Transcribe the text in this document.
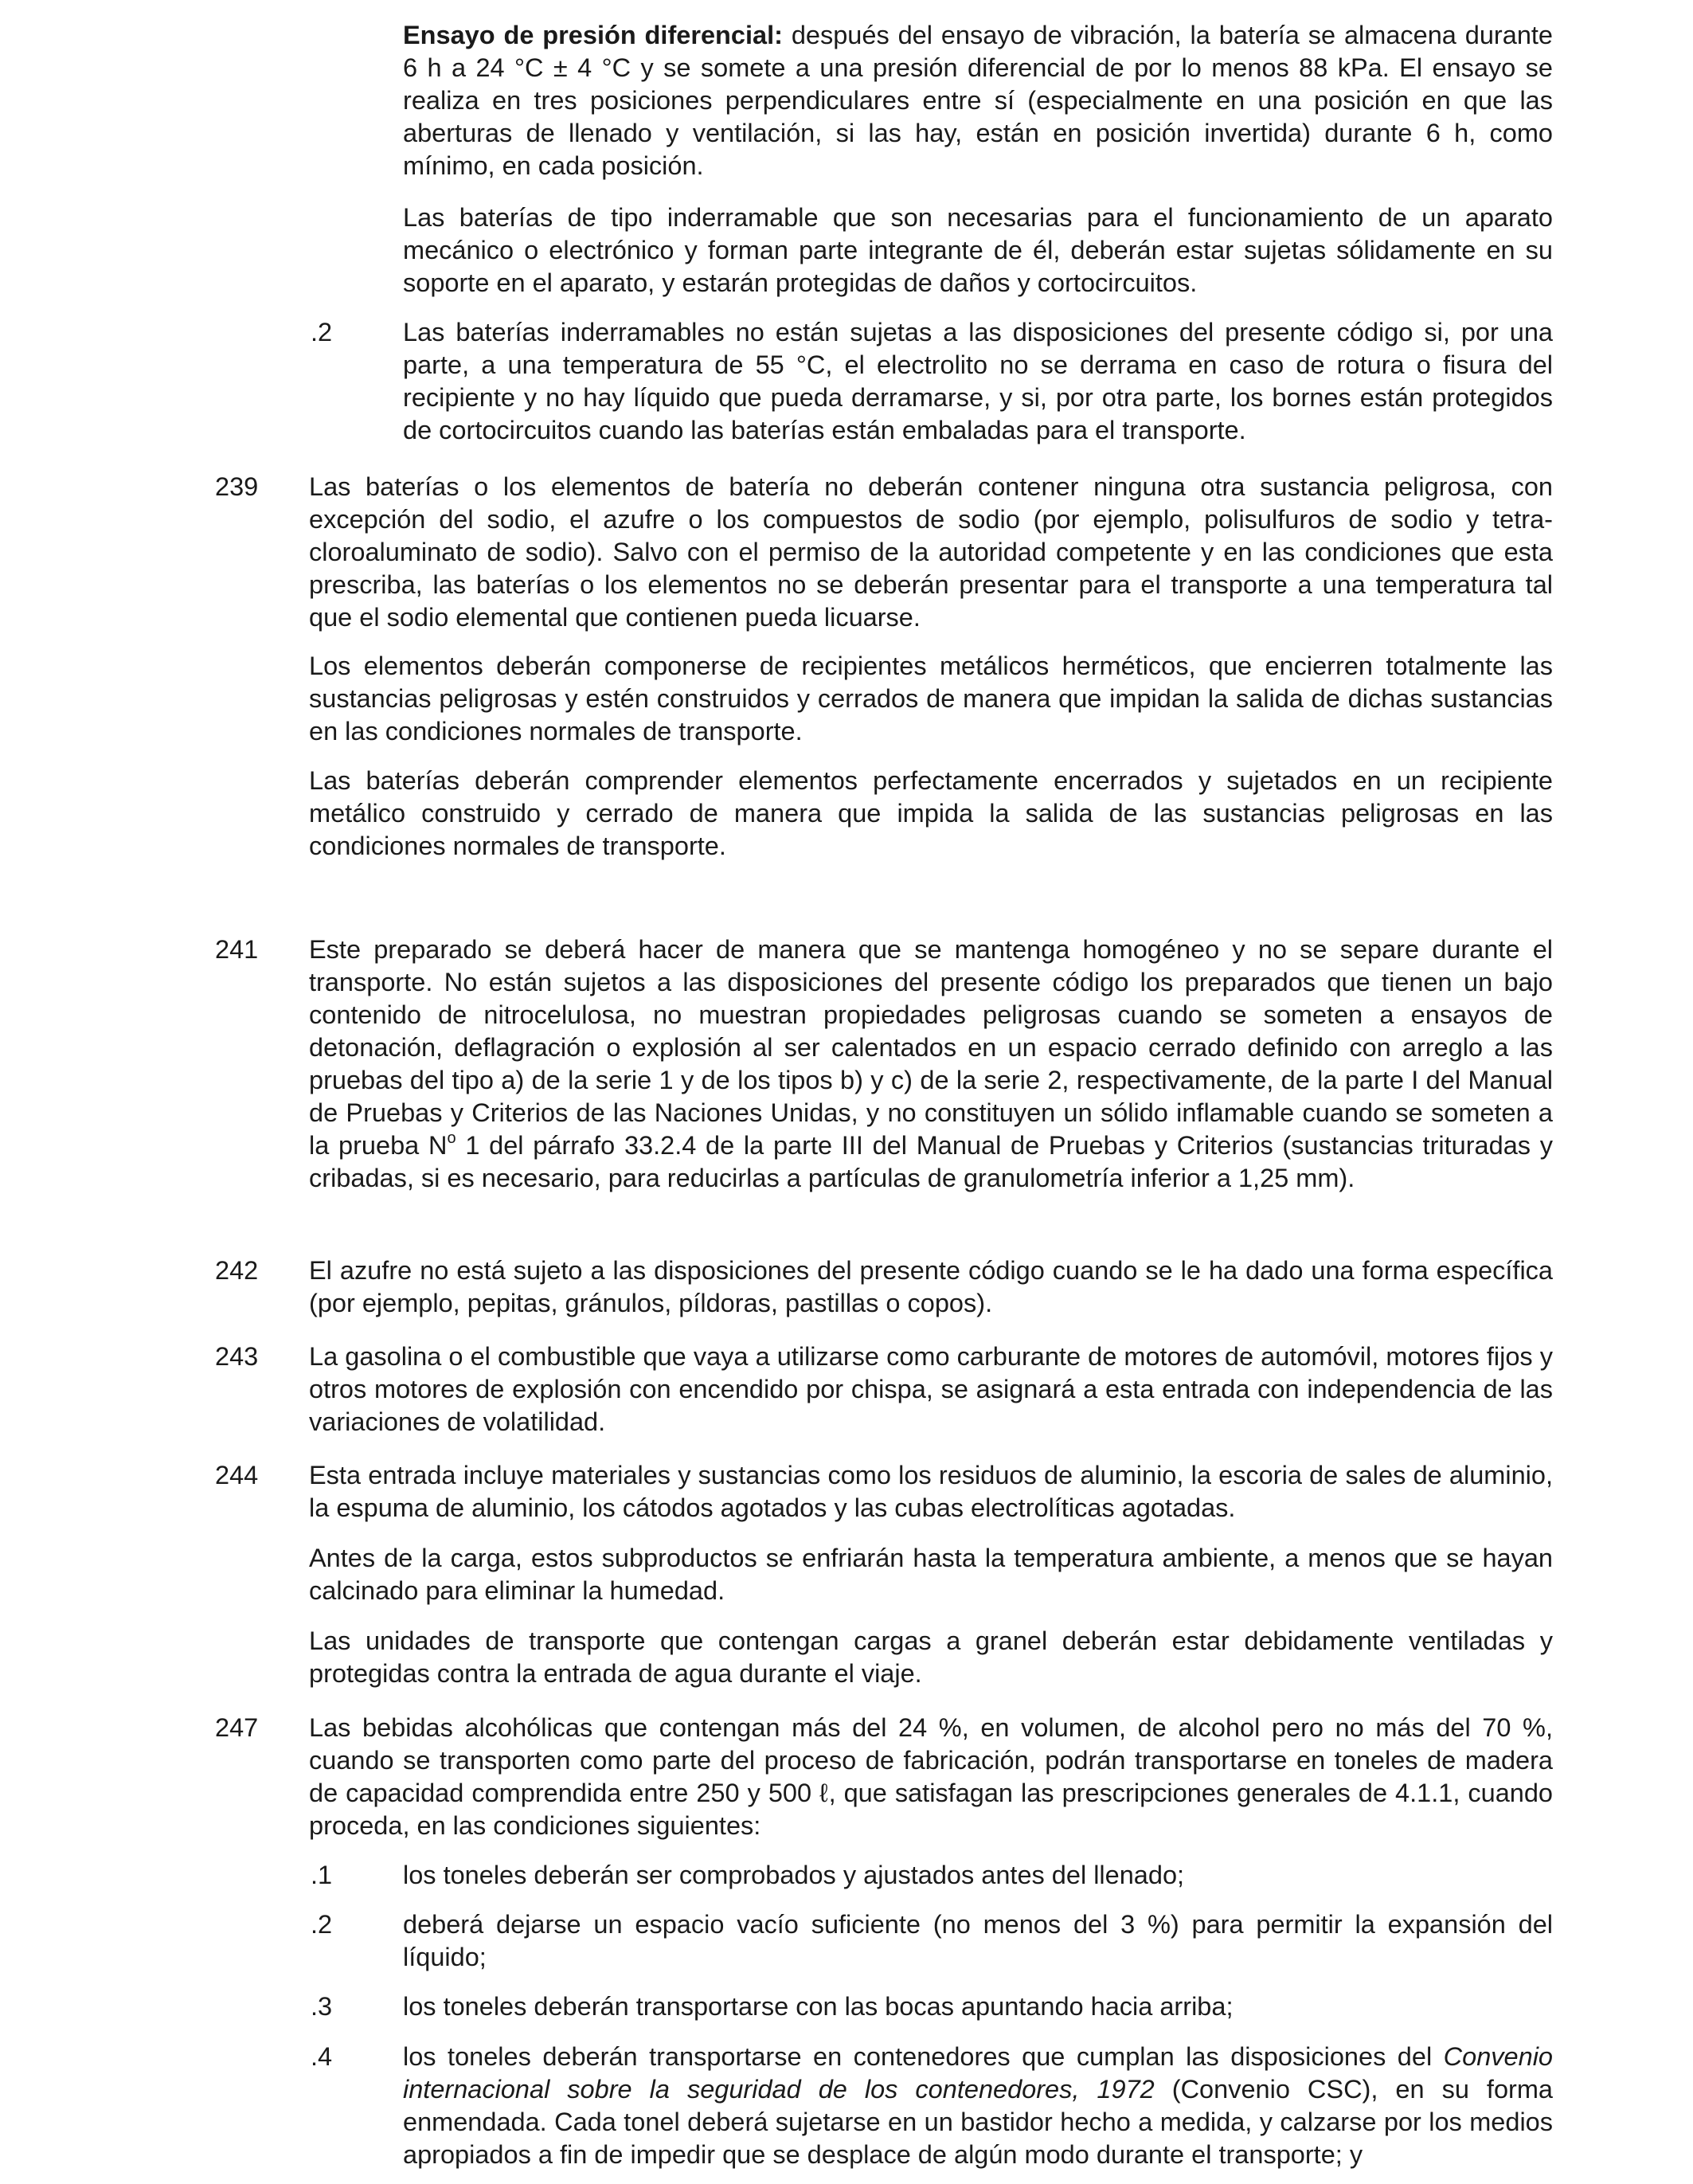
Ensayo de presión diferencial: después del ensayo de vibración, la batería se almacena durante 6 h a 24 °C ± 4 °C y se somete a una presión diferencial de por lo menos 88 kPa. El ensayo se realiza en tres posiciones perpendiculares entre sí (especialmente en una posición en que las aberturas de llenado y ventilación, si las hay, están en posición invertida) durante 6 h, como mínimo, en cada posición.

Las baterías de tipo inderramable que son necesarias para el funcionamiento de un aparato mecánico o electrónico y forman parte integrante de él, deberán estar sujetas sólidamente en su soporte en el aparato, y estarán protegidas de daños y cortocircuitos.

.2	Las baterías inderramables no están sujetas a las disposiciones del presente código si, por una parte, a una temperatura de 55 °C, el electrolito no se derrama en caso de rotura o fisura del recipiente y no hay líquido que pueda derramarse, y si, por otra parte, los bornes están protegidos de cortocircuitos cuando las baterías están embaladas para el transporte.

239 Las baterías o los elementos de batería no deberán contener ninguna otra sustancia peligrosa, con excepción del sodio, el azufre o los compuestos de sodio (por ejemplo, polisulfuros de sodio y tetracloroaluminato de sodio). Salvo con el permiso de la autoridad competente y en las condiciones que esta prescriba, las baterías o los elementos no se deberán presentar para el transporte a una temperatura tal que el sodio elemental que contienen pueda licuarse.

Los elementos deberán componerse de recipientes metálicos herméticos, que encierren totalmente las sustancias peligrosas y estén construidos y cerrados de manera que impidan la salida de dichas sustancias en las condiciones normales de transporte.

Las baterías deberán comprender elementos perfectamente encerrados y sujetados en un recipiente metálico construido y cerrado de manera que impida la salida de las sustancias peligrosas en las condiciones normales de transporte.

241 Este preparado se deberá hacer de manera que se mantenga homogéneo y no se separe durante el transporte. No están sujetos a las disposiciones del presente código los preparados que tienen un bajo contenido de nitrocelulosa, no muestran propiedades peligrosas cuando se someten a ensayos de detonación, deflagración o explosión al ser calentados en un espacio cerrado definido con arreglo a las pruebas del tipo a) de la serie 1 y de los tipos b) y c) de la serie 2, respectivamente, de la parte I del Manual de Pruebas y Criterios de las Naciones Unidas, y no constituyen un sólido inflamable cuando se someten a la prueba $N^o$ 1 del párrafo 33.2.4 de la parte III del Manual de Pruebas y Criterios (sustancias trituradas y cribadas, si es necesario, para reducirlas a partículas de granulometría inferior a 1,25 mm).

242 El azufre no está sujeto a las disposiciones del presente código cuando se le ha dado una forma específica (por ejemplo, pepitas, gránulos, píldoras, pastillas o copos).

243 La gasolina o el combustible que vaya a utilizarse como carburante de motores de automóvil, motores fijos y otros motores de explosión con encendido por chispa, se asignará a esta entrada con independencia de las variaciones de volatilidad.

244 Esta entrada incluye materiales y sustancias como los residuos de aluminio, la escoria de sales de aluminio, la espuma de aluminio, los cátodos agotados y las cubas electrolíticas agotadas.

Antes de la carga, estos subproductos se enfriarán hasta la temperatura ambiente, a menos que se hayan calcinado para eliminar la humedad.

Las unidades de transporte que contengan cargas a granel deberán estar debidamente ventiladas y protegidas contra la entrada de agua durante el viaje.

247 Las bebidas alcohólicas que contengan más del 24 %, en volumen, de alcohol pero no más del 70 %, cuando se transporten como parte del proceso de fabricación, podrán transportarse en toneles de madera de capacidad comprendida entre 250 y 500 ℓ, que satisfagan las prescripciones generales de 4.1.1, cuando proceda, en las condiciones siguientes:

.1	los toneles deberán ser comprobados y ajustados antes del llenado;

.2	deberá dejarse un espacio vacío suficiente (no menos del 3 %) para permitir la expansión del líquido;

.3	los toneles deberán transportarse con las bocas apuntando hacia arriba;

.4	los toneles deberán transportarse en contenedores que cumplan las disposiciones del Convenio internacional sobre la seguridad de los contenedores, 1972 (Convenio CSC), en su forma enmendada. Cada tonel deberá sujetarse en un bastidor hecho a medida, y calzarse por los medios apropiados a fin de impedir que se desplace de algún modo durante el transporte; y
